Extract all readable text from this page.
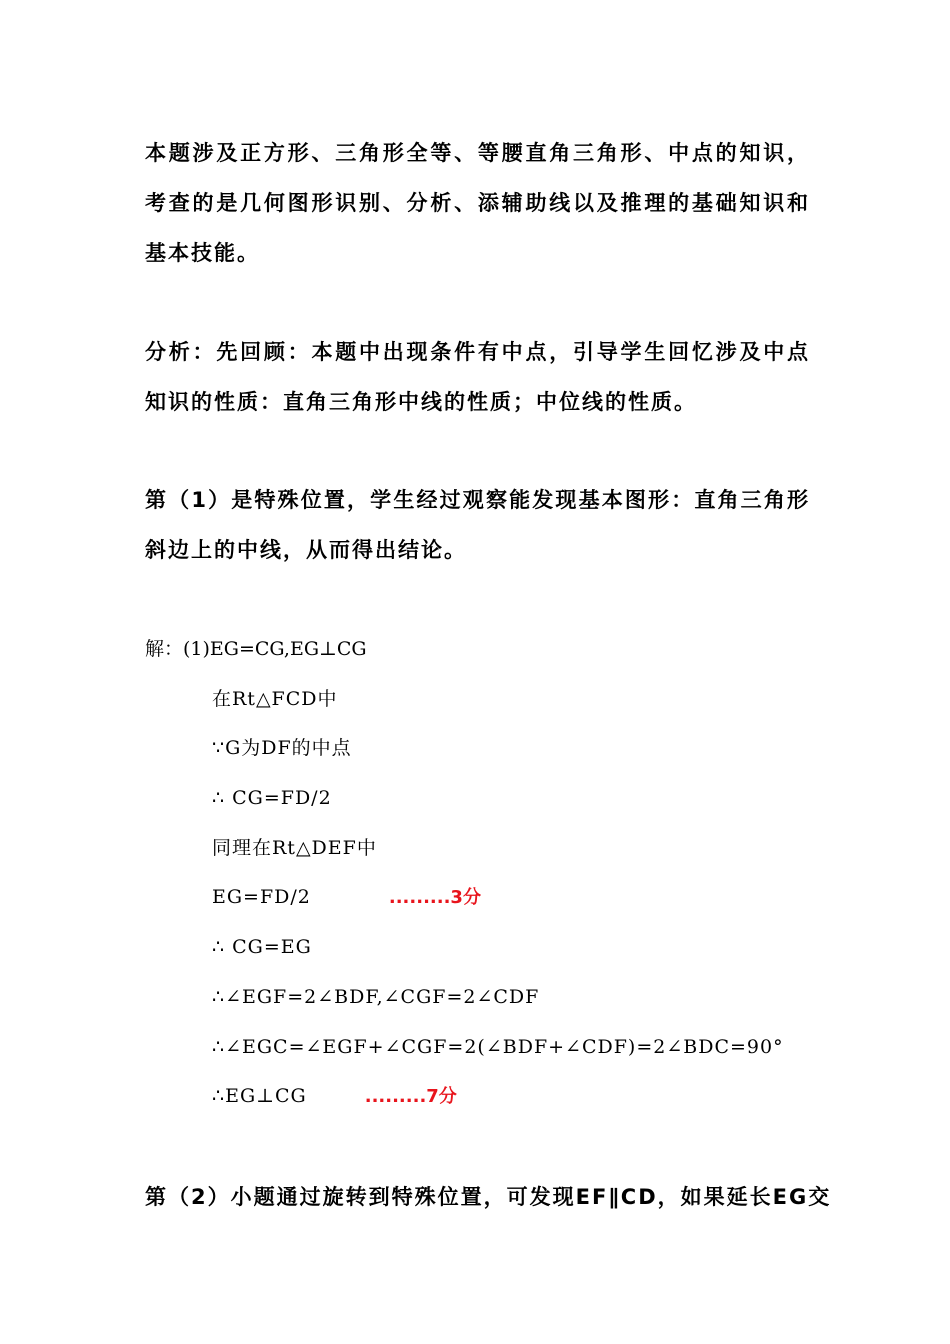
本题涉及正方形、三角形全等、等腰直角三角形、中点的知识，考查的是几何图形识别、分析、添辅助线以及推理的基础知识和基本技能。

分析：先回顾：本题中出现条件有中点，引导学生回忆涉及中点知识的性质：直角三角形中线的性质；中位线的性质。

第（1）是特殊位置，学生经过观察能发现基本图形：直角三角形斜边上的中线，从而得出结论。

解：(1)EG=CG,EG⊥CG
在Rt△FCD中
∵G为DF的中点
∴ CG=FD/2
同理在Rt△DEF中
EG=FD/2	.........3分
∴ CG=EG
∴∠EGF=2∠BDF,∠CGF=2∠CDF
∴∠EGC=∠EGF+∠CGF=2(∠BDF+∠CDF)=2∠BDC=90°
∴EG⊥CG	.........7分

第（2）小题通过旋转到特殊位置，可发现EF∥CD，如果延长EG交
